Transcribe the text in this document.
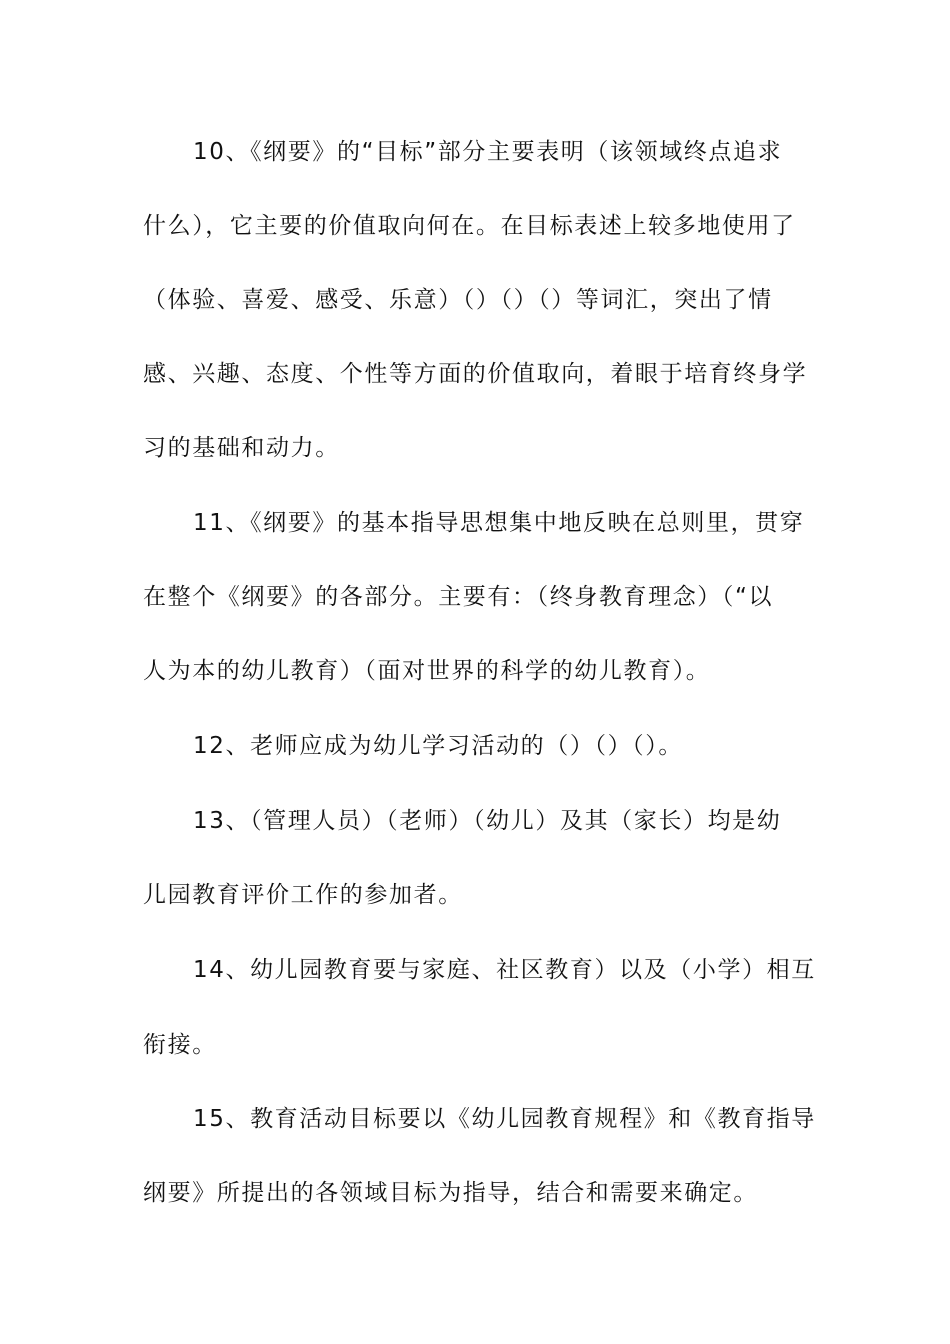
10、《纲要》的“目标”部分主要表明（该领域终点追求
什么），它主要的价值取向何在。在目标表述上较多地使用了
（体验、喜爱、感受、乐意）（）（）（）等词汇，突出了情
感、兴趣、态度、个性等方面的价值取向，着眼于培育终身学
习的基础和动力。
11、《纲要》的基本指导思想集中地反映在总则里，贯穿
在整个《纲要》的各部分。主要有：（终身教育理念）（“以
人为本的幼儿教育）（面对世界的科学的幼儿教育）。
12、老师应成为幼儿学习活动的（）（）（）。
13、（管理人员）（老师）（幼儿）及其（家长）均是幼
儿园教育评价工作的参加者。
14、幼儿园教育要与家庭、社区教育）以及（小学）相互
衔接。
15、教育活动目标要以《幼儿园教育规程》和《教育指导
纲要》所提出的各领域目标为指导，结合和需要来确定。
